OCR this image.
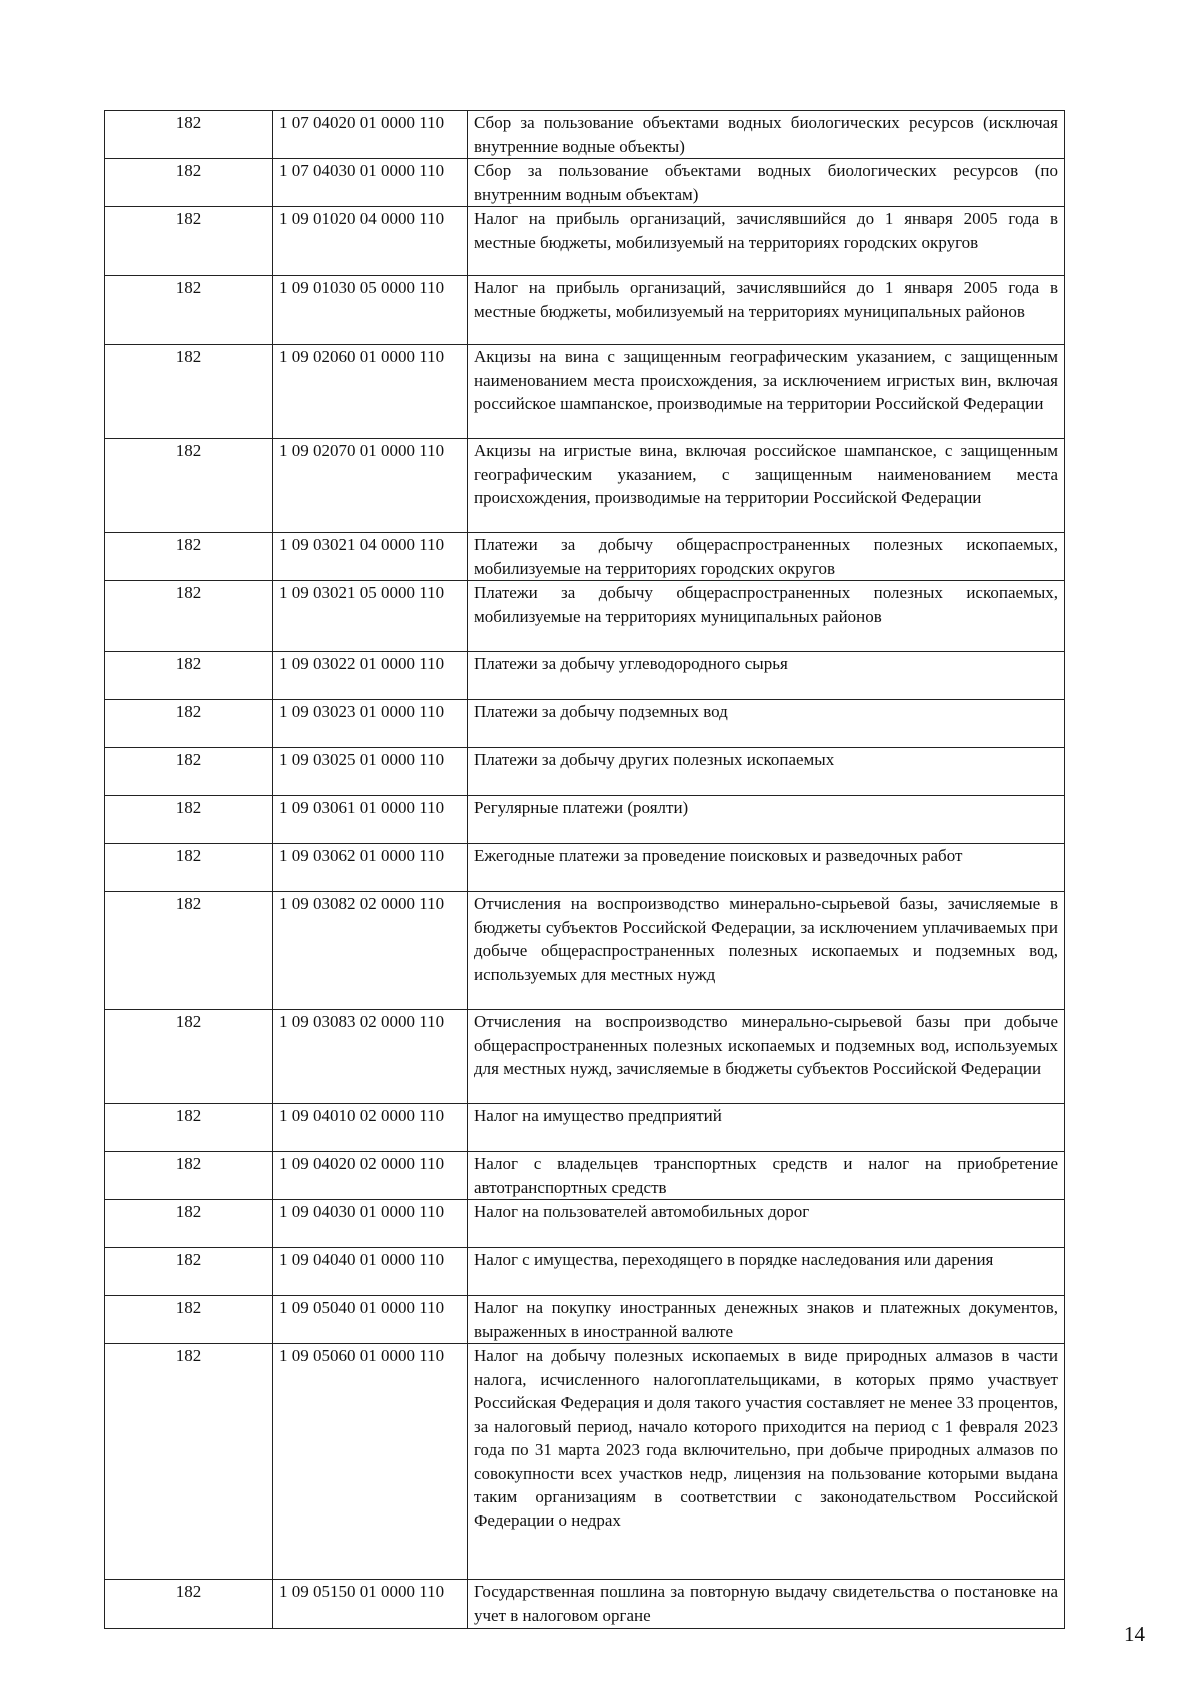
182	1 07 04020 01 0000 110	Сбор за пользование объектами водных биологических ресурсов (исключая внутренние водные объекты)
182	1 07 04030 01 0000 110	Сбор за пользование объектами водных биологических ресурсов (по внутренним водным объектам)
182	1 09 01020 04 0000 110	Налог на прибыль организаций, зачислявшийся до 1 января 2005 года в местные бюджеты, мобилизуемый на территориях городских округов
182	1 09 01030 05 0000 110	Налог на прибыль организаций, зачислявшийся до 1 января 2005 года в местные бюджеты, мобилизуемый на территориях муниципальных районов
182	1 09 02060 01 0000 110	Акцизы на вина с защищенным географическим указанием, с защищенным наименованием места происхождения, за исключением игристых вин, включая российское шампанское, производимые на территории Российской Федерации
182	1 09 02070 01 0000 110	Акцизы на игристые вина, включая российское шампанское, с защищенным географическим указанием, с защищенным наименованием места происхождения, производимые на территории Российской Федерации
182	1 09 03021 04 0000 110	Платежи за добычу общераспространенных полезных ископаемых, мобилизуемые на территориях городских округов
182	1 09 03021 05 0000 110	Платежи за добычу общераспространенных полезных ископаемых, мобилизуемые на территориях муниципальных районов
182	1 09 03022 01 0000 110	Платежи за добычу углеводородного сырья
182	1 09 03023 01 0000 110	Платежи за добычу подземных вод
182	1 09 03025 01 0000 110	Платежи за добычу других полезных ископаемых
182	1 09 03061 01 0000 110	Регулярные платежи (роялти)
182	1 09 03062 01 0000 110	Ежегодные платежи за проведение поисковых и разведочных работ
182	1 09 03082 02 0000 110	Отчисления на воспроизводство минерально-сырьевой базы, зачисляемые в бюджеты субъектов Российской Федерации, за исключением уплачиваемых при добыче общераспространенных полезных ископаемых и подземных вод, используемых для местных нужд
182	1 09 03083 02 0000 110	Отчисления на воспроизводство минерально-сырьевой базы при добыче общераспространенных полезных ископаемых и подземных вод, используемых для местных нужд, зачисляемые в бюджеты субъектов Российской Федерации
182	1 09 04010 02 0000 110	Налог на имущество предприятий
182	1 09 04020 02 0000 110	Налог с владельцев транспортных средств и налог на приобретение автотранспортных средств
182	1 09 04030 01 0000 110	Налог на пользователей автомобильных дорог
182	1 09 04040 01 0000 110	Налог с имущества, переходящего в порядке наследования или дарения
182	1 09 05040 01 0000 110	Налог на покупку иностранных денежных знаков и платежных документов, выраженных в иностранной валюте
182	1 09 05060 01 0000 110	Налог на добычу полезных ископаемых в виде природных алмазов в части налога, исчисленного налогоплательщиками, в которых прямо участвует Российская Федерация и доля такого участия составляет не менее 33 процентов, за налоговый период, начало которого приходится на период с 1 февраля 2023 года по 31 марта 2023 года включительно, при добыче природных алмазов по совокупности всех участков недр, лицензия на пользование которыми выдана таким организациям в соответствии с законодательством Российской Федерации о недрах
182	1 09 05150 01 0000 110	Государственная пошлина за повторную выдачу свидетельства о постановке на учет в налоговом органе
14
